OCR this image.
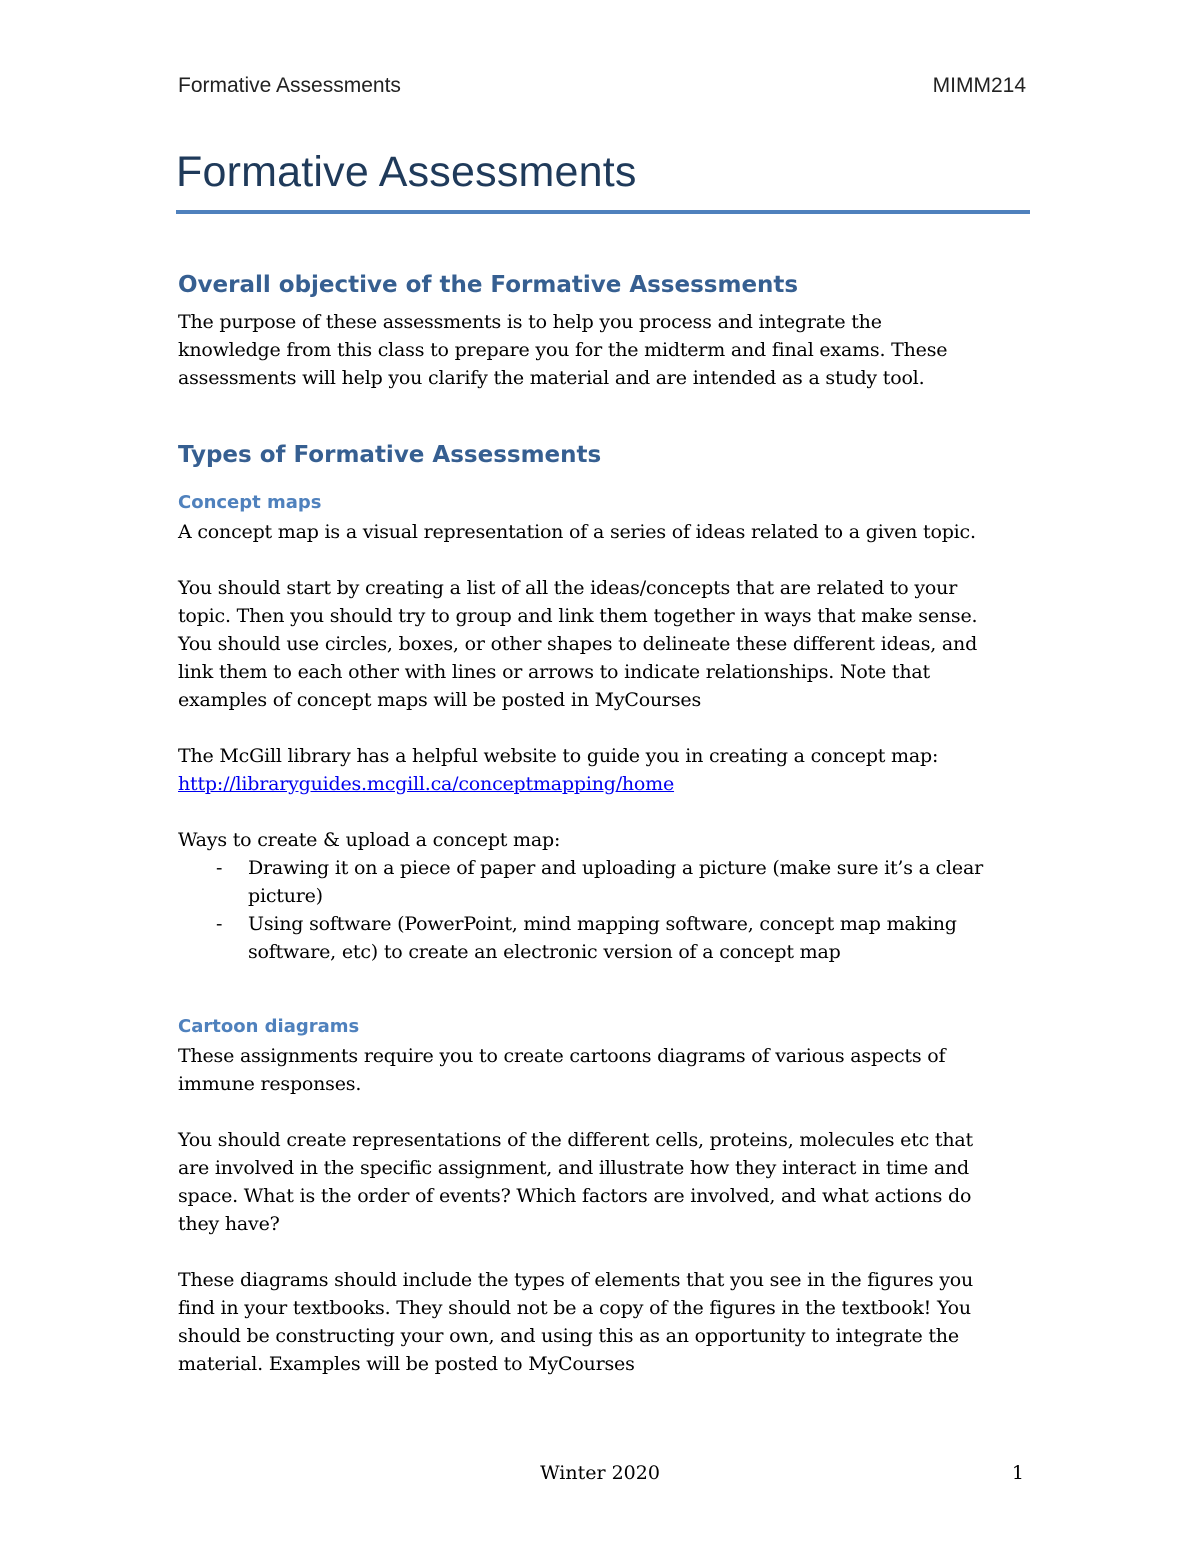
Formative Assessments	MIMM214
Formative Assessments
Overall objective of the Formative Assessments

The purpose of these assessments is to help you process and integrate the
knowledge from this class to prepare you for the midterm and final exams. These
assessments will help you clarify the material and are intended as a study tool.

Types of Formative Assessments
Concept maps

A concept map is a visual representation of a series of ideas related to a given topic.

You should start by creating a list of all the ideas/concepts that are related to your
topic. Then you should try to group and link them together in ways that make sense.
You should use circles, boxes, or other shapes to delineate these different ideas, and
link them to each other with lines or arrows to indicate relationships. Note that
examples of concept maps will be posted in MyCourses

The McGill library has a helpful website to guide you in creating a concept map:
http://libraryguides.mcgill.ca/conceptmapping/home

Ways to create & upload a concept map:

- Drawing it on a piece of paper and uploading a picture (make sure it’s a clear
picture)
- Using software (PowerPoint, mind mapping software, concept map making
software, etc) to create an electronic version of a concept map
Cartoon diagrams

These assignments require you to create cartoons diagrams of various aspects of
immune responses.

You should create representations of the different cells, proteins, molecules etc that
are involved in the specific assignment, and illustrate how they interact in time and
space. What is the order of events? Which factors are involved, and what actions do
they have?

These diagrams should include the types of elements that you see in the figures you
find in your textbooks. They should not be a copy of the figures in the textbook! You
should be constructing your own, and using this as an opportunity to integrate the
material. Examples will be posted to MyCourses

Winter 2020	1
